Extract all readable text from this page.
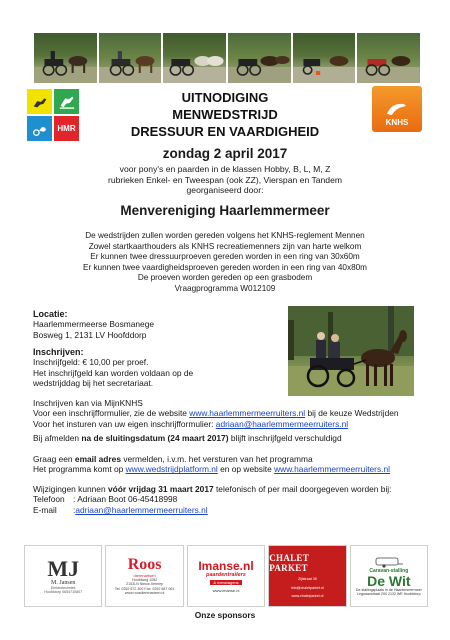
HMR
UITNODIGING
MENWEDSTRIJD
DRESSUUR EN VAARDIGHEID
KNHS
zondag 2 april 2017
voor pony's en paarden in de klassen Hobby, B, L, M, Z
rubrieken Enkel- en Tweespan (ook ZZ), Vierspan en Tandem
georganiseerd door:
Menvereniging Haarlemmermeer
De wedstrijden zullen worden gereden volgens het KNHS-reglement Mennen
Zowel startkaarthouders als KNHS recreatiemenners zijn van harte welkom
Er kunnen twee dressuurproeven gereden worden in een ring van 30x60m
Er kunnen twee vaardigheidsproeven gereden worden in een ring van 40x80m
De proeven worden gereden op een grasbodem
Vraagprogramma W012109
Locatie:
Haarlemmermeerse Bosmanege
Bosweg 1, 2131 LV Hoofddorp
Inschrijven:
Inschrijfgeld: € 10,00 per proef.
Het inschrijfgeld kan worden voldaan op de
wedstrijddag bij het secretariaat.
Inschrijven kan via MijnKNHS
Voor een inschrijfformulier, zie de website www.haarlemmermeerruiters.nl bij de keuze Wedstrijden
Voor het insturen van uw eigen inschrijfformulier: adriaan@haarlemmermeerruiters.nl
Bij afmelden na de sluitingsdatum (24 maart 2017) blijft inschrijfgeld verschuldigd
Graag een email adres vermelden, i.v.m. het versturen van het programma
Het programma komt op www.wedstrijdplatform.nl en op website www.haarlemmermeerruiters.nl
Wijzigingen kunnen vóór vrijdag 31 maart 2017 telefonisch of per mail doorgegeven worden bij:
Telefoon : Adriaan Boot 06-45418998
E-mail	: adriaan@haarlemmermeerruiters.nl
MJ
M. Jansen
Elektrotechniek
Hoofddorp 0654710807
Roos
dierenartsen
Hoofdweg 1082
2153LN Nieuw-Vennep
Tel: 0252 672 300 Fax: 0252 687 061
www.roosdierenartsen.nl
Imanse.nl
paardentrailers
& menwagens
www.imanse.nl
CHALET PARKET
Zijlstraat 35
info@chaletparket.nl
www.chaletparket.nl
Caravan-stalling
De Wit
De stallingsplaats in de Haarlemmermeer
Leguaanstraat 200 2132 WE Hoofddorp
Onze sponsors
